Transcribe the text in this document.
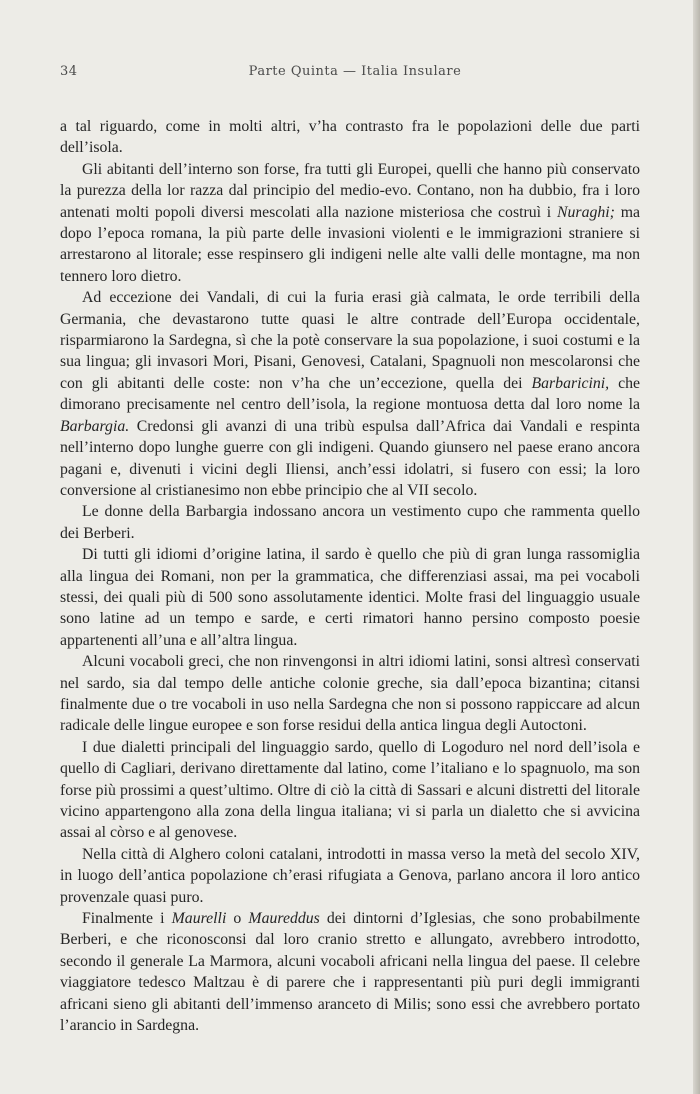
34	Parte Quinta — Italia Insulare

a tal riguardo, come in molti altri, v’ha contrasto fra le popolazioni delle due parti dell’isola.

Gli abitanti dell’interno son forse, fra tutti gli Europei, quelli che hanno più conservato la purezza della lor razza dal principio del medio-evo. Contano, non ha dubbio, fra i loro antenati molti popoli diversi mescolati alla nazione misteriosa che costruì i Nuraghi; ma dopo l’epoca romana, la più parte delle invasioni violenti e le immigrazioni straniere si arrestarono al litorale; esse respinsero gli indigeni nelle alte valli delle montagne, ma non tennero loro dietro.

Ad eccezione dei Vandali, di cui la furia erasi già calmata, le orde terribili della Germania, che devastarono tutte quasi le altre contrade dell’Europa occidentale, risparmiarono la Sardegna, sì che la potè conservare la sua popolazione, i suoi costumi e la sua lingua; gli invasori Mori, Pisani, Genovesi, Catalani, Spagnuoli non mescolaronsi che con gli abitanti delle coste: non v’ha che un’eccezione, quella dei Barbaricini, che dimorano precisamente nel centro dell’isola, la regione montuosa detta dal loro nome la Barbargia. Credonsi gli avanzi di una tribù espulsa dall’Africa dai Vandali e respinta nell’interno dopo lunghe guerre con gli indigeni. Quando giunsero nel paese erano ancora pagani e, divenuti i vicini degli Iliensi, anch’essi idolatri, si fusero con essi; la loro conversione al cristianesimo non ebbe principio che al VII secolo.

Le donne della Barbargia indossano ancora un vestimento cupo che rammenta quello dei Berberi.

Di tutti gli idiomi d’origine latina, il sardo è quello che più di gran lunga rassomiglia alla lingua dei Romani, non per la grammatica, che differenziasi assai, ma pei vocaboli stessi, dei quali più di 500 sono assolutamente identici. Molte frasi del linguaggio usuale sono latine ad un tempo e sarde, e certi rimatori hanno persino composto poesie appartenenti all’una e all’altra lingua.

Alcuni vocaboli greci, che non rinvengonsi in altri idiomi latini, sonsi altresì conservati nel sardo, sia dal tempo delle antiche colonie greche, sia dall’epoca bizantina; citansi finalmente due o tre vocaboli in uso nella Sardegna che non si possono rappiccare ad alcun radicale delle lingue europee e son forse residui della antica lingua degli Autoctoni.

I due dialetti principali del linguaggio sardo, quello di Logoduro nel nord dell’isola e quello di Cagliari, derivano direttamente dal latino, come l’italiano e lo spagnuolo, ma son forse più prossimi a quest’ultimo. Oltre di ciò la città di Sassari e alcuni distretti del litorale vicino appartengono alla zona della lingua italiana; vi si parla un dialetto che si avvicina assai al còrso e al genovese.

Nella città di Alghero coloni catalani, introdotti in massa verso la metà del secolo XIV, in luogo dell’antica popolazione ch’erasi rifugiata a Genova, parlano ancora il loro antico provenzale quasi puro.

Finalmente i Maurelli o Maureddus dei dintorni d’Iglesias, che sono probabilmente Berberi, e che riconosconsi dal loro cranio stretto e allungato, avrebbero introdotto, secondo il generale La Marmora, alcuni vocaboli africani nella lingua del paese. Il celebre viaggiatore tedesco Maltzau è di parere che i rappresentanti più puri degli immigranti africani sieno gli abitanti dell’immenso aranceto di Milis; sono essi che avrebbero portato l’arancio in Sardegna.
